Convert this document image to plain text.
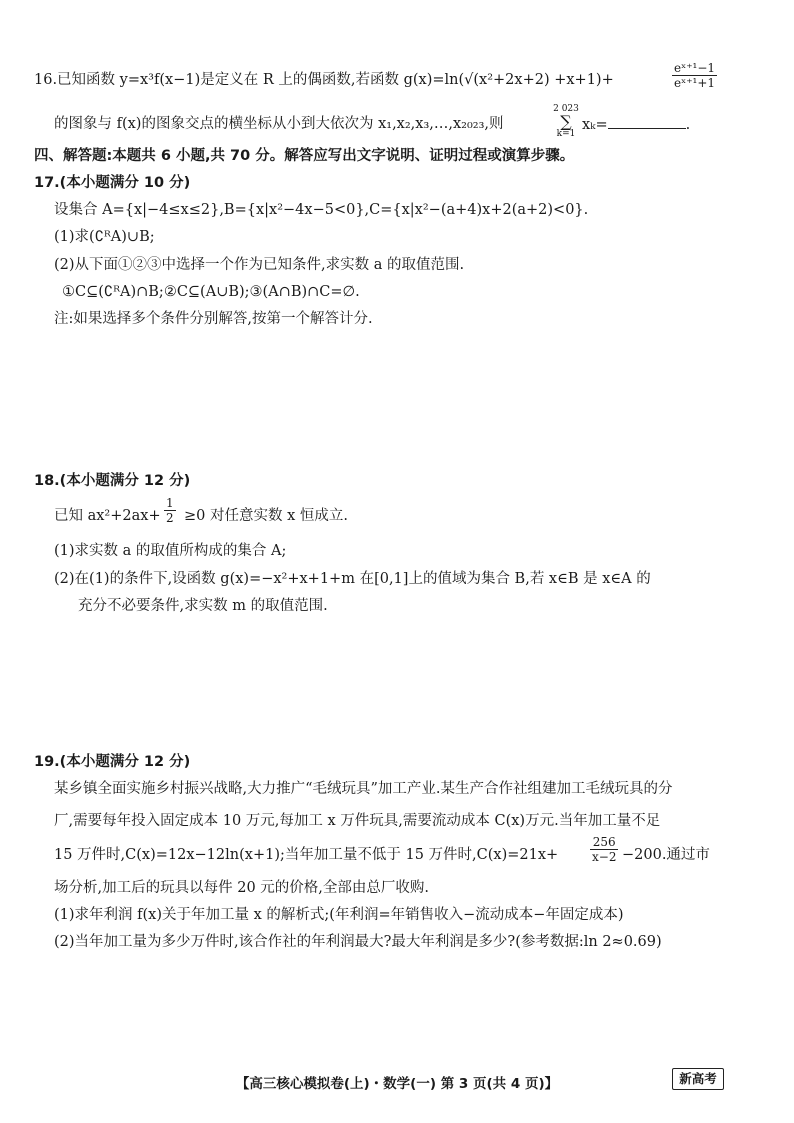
16.已知函数 y=x³f(x−1)是定义在 R 上的偶函数,若函数 g(x)=ln(√(x²+2x+2) +x+1)+	$\frac{\text{eˣ⁺¹−1}}{\text{eˣ⁺¹+1}}$
的图象与 f(x)的图象交点的横坐标从小到大依次为 x₁,x₂,x₃,…,x₂₀₂₃,则
2 023
∑
k=1
xₖ=	.
四、解答题:本题共 6 小题,共 70 分。解答应写出文字说明、证明过程或演算步骤。
17.(本小题满分 10 分)
设集合 A={x|−4≤x≤2},B={x|x²−4x−5<0},C={x|x²−(a+4)x+2(a+2)<0}.
(1)求(∁ᴿA)∪B;
(2)从下面①②③中选择一个作为已知条件,求实数 a 的取值范围.
①C⊆(∁ᴿA)∩B;②C⊆(A∪B);③(A∩B)∩C=∅.
注:如果选择多个条件分别解答,按第一个解答计分.
18.(本小题满分 12 分)
已知 $ax^2+2ax+ \frac{1}{2} \ge 0$ 对任意实数 x 恒成立.
(1)求实数 a 的取值所构成的集合 A;
(2)在(1)的条件下,设函数 g(x)=−x²+x+1+m 在[0,1]上的值域为集合 B,若 x∈B 是 x∈A 的
充分不必要条件,求实数 m 的取值范围.
19.(本小题满分 12 分)
某乡镇全面实施乡村振兴战略,大力推广“毛绒玩具”加工产业.某生产合作社组建加工毛绒玩具的分
厂,需要每年投入固定成本 10 万元,每加工 x 万件玩具,需要流动成本 C(x)万元.当年加工量不足
15 万件时,C(x)=12x−12ln(x+1);当年加工量不低于 15 万件时,C(x)=21x+	$\frac{256}{x-2} -200$.通过市
场分析,加工后的玩具以每件 20 元的价格,全部由总厂收购.
(1)求年利润 f(x)关于年加工量 x 的解析式;(年利润=年销售收入−流动成本−年固定成本)
(2)当年加工量为多少万件时,该合作社的年利润最大?最大年利润是多少?(参考数据:ln 2≈0.69)
【高三核心模拟卷(上)・数学(一) 第 3 页(共 4 页)】	新高考
